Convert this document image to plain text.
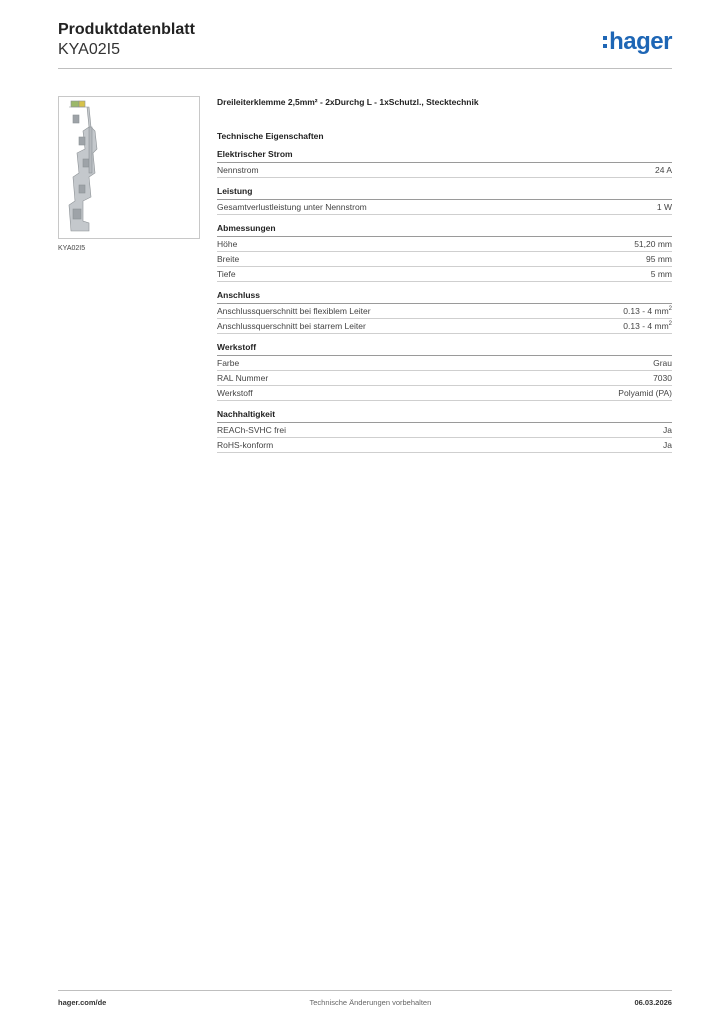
Produktdatenblatt
KYA02I5	hager
KYA02I5
Dreileiterklemme 2,5mm² - 2xDurchg L - 1xSchutzl., Stecktechnik
Technische Eigenschaften
Elektrischer Strom
Nennstrom	24 A
Leistung
Gesamtverlustleistung unter Nennstrom	1 W
Abmessungen
Höhe	51,20 mm
Breite	95 mm
Tiefe	5 mm
Anschluss
Anschlussquerschnitt bei flexiblem Leiter	0.13 - 4 $mm^2$
Anschlussquerschnitt bei starrem Leiter	0.13 - 4 $mm^2$
Werkstoff
Farbe	Grau
RAL Nummer	7030
Werkstoff	Polyamid (PA)
Nachhaltigkeit
REACh-SVHC frei	Ja
RoHS-konform	Ja
hager.com/de	Technische Änderungen vorbehalten	06.03.2026
